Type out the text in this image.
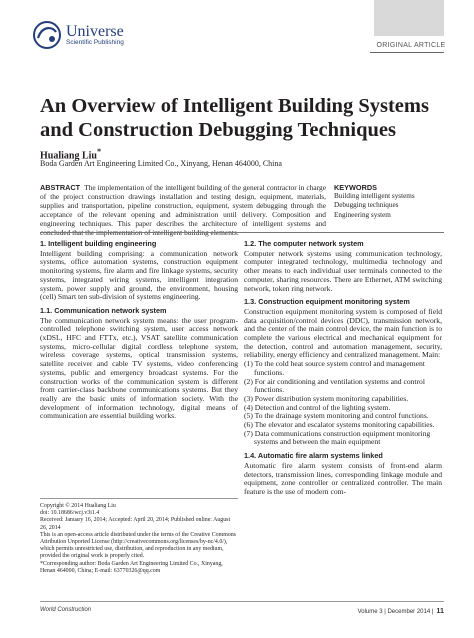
Universe
Scientific Publishing	ORIGINAL ARTICLE
An Overview of Intelligent Building Systems and Construction Debugging Techniques
Hualiang Liu*
Boda Garden Art Engineering Limited Co., Xinyang, Henan 464000, China
ABSTRACT The implementation of the intelligent building of the general contractor in charge of the project construction drawings installation and testing design, equipment, materials, supplies and transportation, pipeline construction, equipment, system debugging through the acceptance of the relevant opening and administration until delivery. Composition and engineering techniques. This paper describes the architecture of intelligent systems and
KEYWORDS
Building intelligent systems
Debugging techniques
Engineering system
1. Intelligent building engineering

Intelligent building comprising: a communication network systems, office automation systems, construction equipment monitoring systems, fire alarm and fire linkage systems, security systems, integrated wiring systems, intelligent integration system, power supply and ground, the environment, housing (cell) Smart ten sub-division of systems engineering.

1.1. Communication network system

The communication network system means: the user program-controlled telephone switching system, user access network (xDSL, HFC and FTTx, etc.), VSAT satellite communication systems, micro-cellular digital cordless telephone system, wireless coverage systems, optical transmission systems, satellite receiver and cable TV systems, video conferencing systems, public and emergency broadcast systems. For the construction works of the communication system is different from carrier-class backbone communications systems. But they really are the basic units of information society. With the development of information technology, digital means of communication are essential building works.

1.2. The computer network system

Computer network systems using communication technology, computer integrated technology, multimedia technology and other means to each individual user terminals connected to the computer, sharing resources. There are Ethernet, ATM switching network, token ring network.

1.3. Construction equipment monitoring system

Construction equipment monitoring system is composed of field data acquisition/control devices (DDC), transmission network, and the center of the main control device, the main function is to complete the various electrical and mechanical equipment for the detection, control and automation management, security, reliability, energy efficiency and centralized management. Main:

(1) To the cold heat source system control and management functions.

(2) For air conditioning and ventilation systems and control functions.

(3) Power distribution system monitoring capabilities.

(4) Detection and control of the lighting system.

(5) To the drainage system monitoring and control functions.

(6) The elevator and escalator systems monitoring capabilities.

(7) Data communications construction equipment monitoring systems and between the main equipment

1.4. Automatic fire alarm systems linked

Automatic fire alarm system consists of front-end alarm detectors, transmission lines, corresponding linkage module and equipment, zone controller or centralized controller. The main feature is the use of modern com-

Copyright © 2014 Hualiang Liu
doi: 10.18686/wcj.v3i1.4
Received: January 16, 2014; Accepted: April 20, 2014; Published online: August 26, 2014
This is an open-access article distributed under the terms of the Creative Commons Attribution Unported License (http://creativecommons.org/licenses/by-nc/4.0/), which permits unrestricted use, distribution, and reproduction in any medium, provided the original work is properly cited.
*Corresponding author: Boda Garden Art Engineering Limited Co., Xinyang, Henan 464000, China; E-mail: 63770326@qq.com
World Construction	Volume 3 | December 2014 | 11
